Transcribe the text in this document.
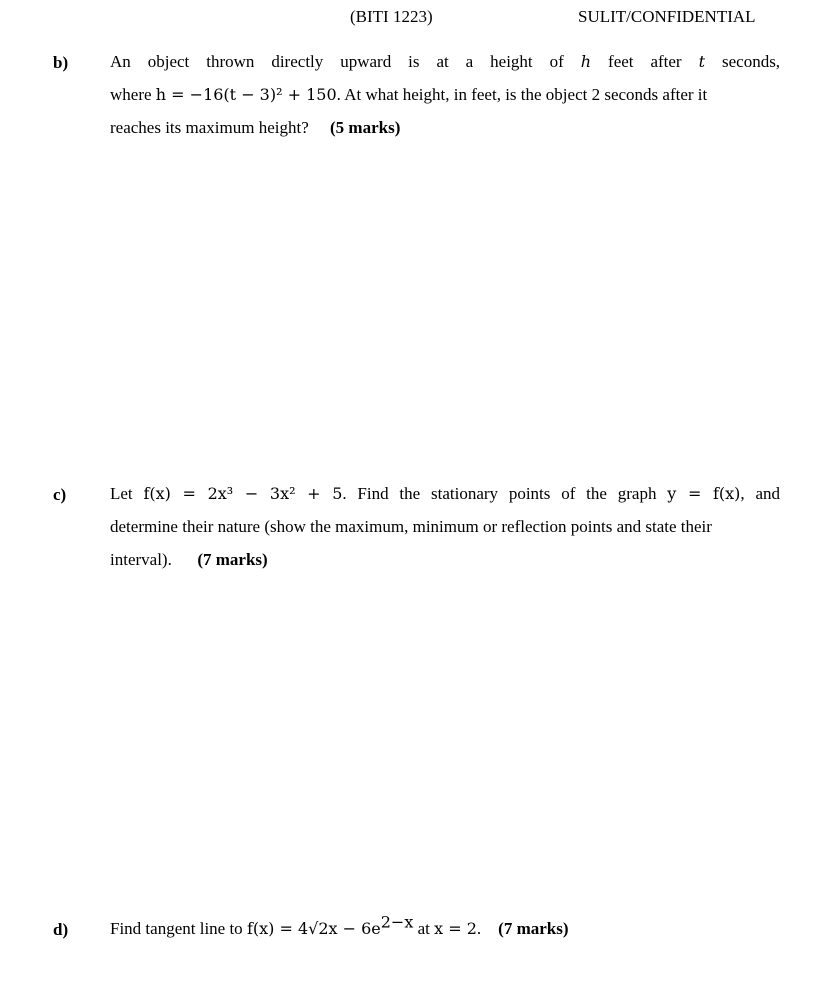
(BITI 1223)	SULIT/CONFIDENTIAL
b) An object thrown directly upward is at a height of h feet after t seconds,
where h = −16(t − 3)² + 150. At what height, in feet, is the object 2 seconds after it
reaches its maximum height? (5 marks)
c)	Let f(x) = 2x³ − 3x² + 5. Find the stationary points of the graph y = f(x), and
determine their nature (show the maximum, minimum or reflection points and state their
interval). (7 marks)
d) Find tangent line to $f(x) = 4√2x - 6e^{2-x}$ at x = 2. (7 marks)
